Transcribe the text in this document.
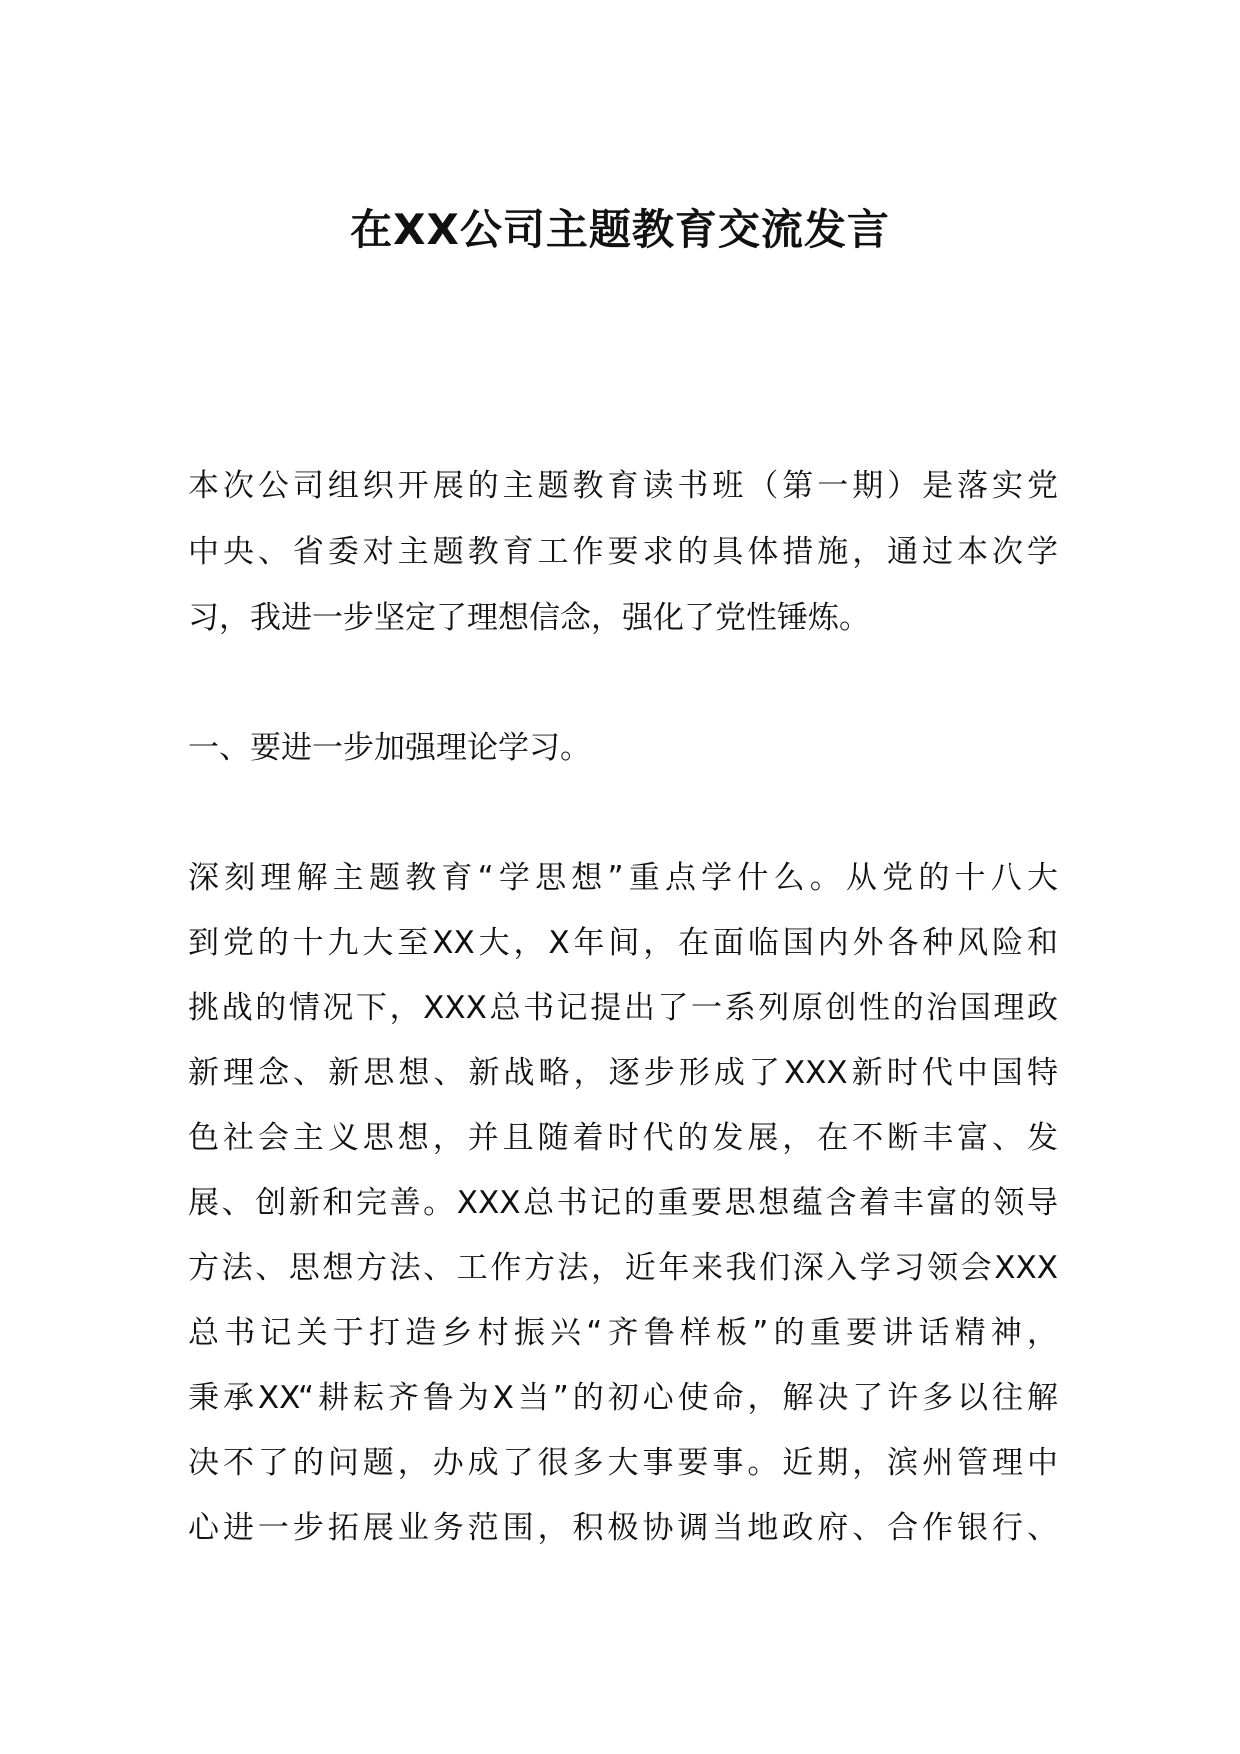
在XX公司主题教育交流发言
本次公司组织开展的主题教育读书班（第一期）是落实党
中央、省委对主题教育工作要求的具体措施，通过本次学
习，我进一步坚定了理想信念，强化了党性锤炼。
一、要进一步加强理论学习。
深刻理解主题教育“学思想”重点学什么。从党的十八大
到党的十九大至XX大，X年间，在面临国内外各种风险和
挑战的情况下，XXX总书记提出了一系列原创性的治国理政
新理念、新思想、新战略，逐步形成了XXX新时代中国特
色社会主义思想，并且随着时代的发展，在不断丰富、发
展、创新和完善。XXX总书记的重要思想蕴含着丰富的领导
方法、思想方法、工作方法，近年来我们深入学习领会XXX
总书记关于打造乡村振兴“齐鲁样板”的重要讲话精神，
秉承XX“耕耘齐鲁为X当”的初心使命，解决了许多以往解
决不了的问题，办成了很多大事要事。近期，滨州管理中
心进一步拓展业务范围，积极协调当地政府、合作银行、
